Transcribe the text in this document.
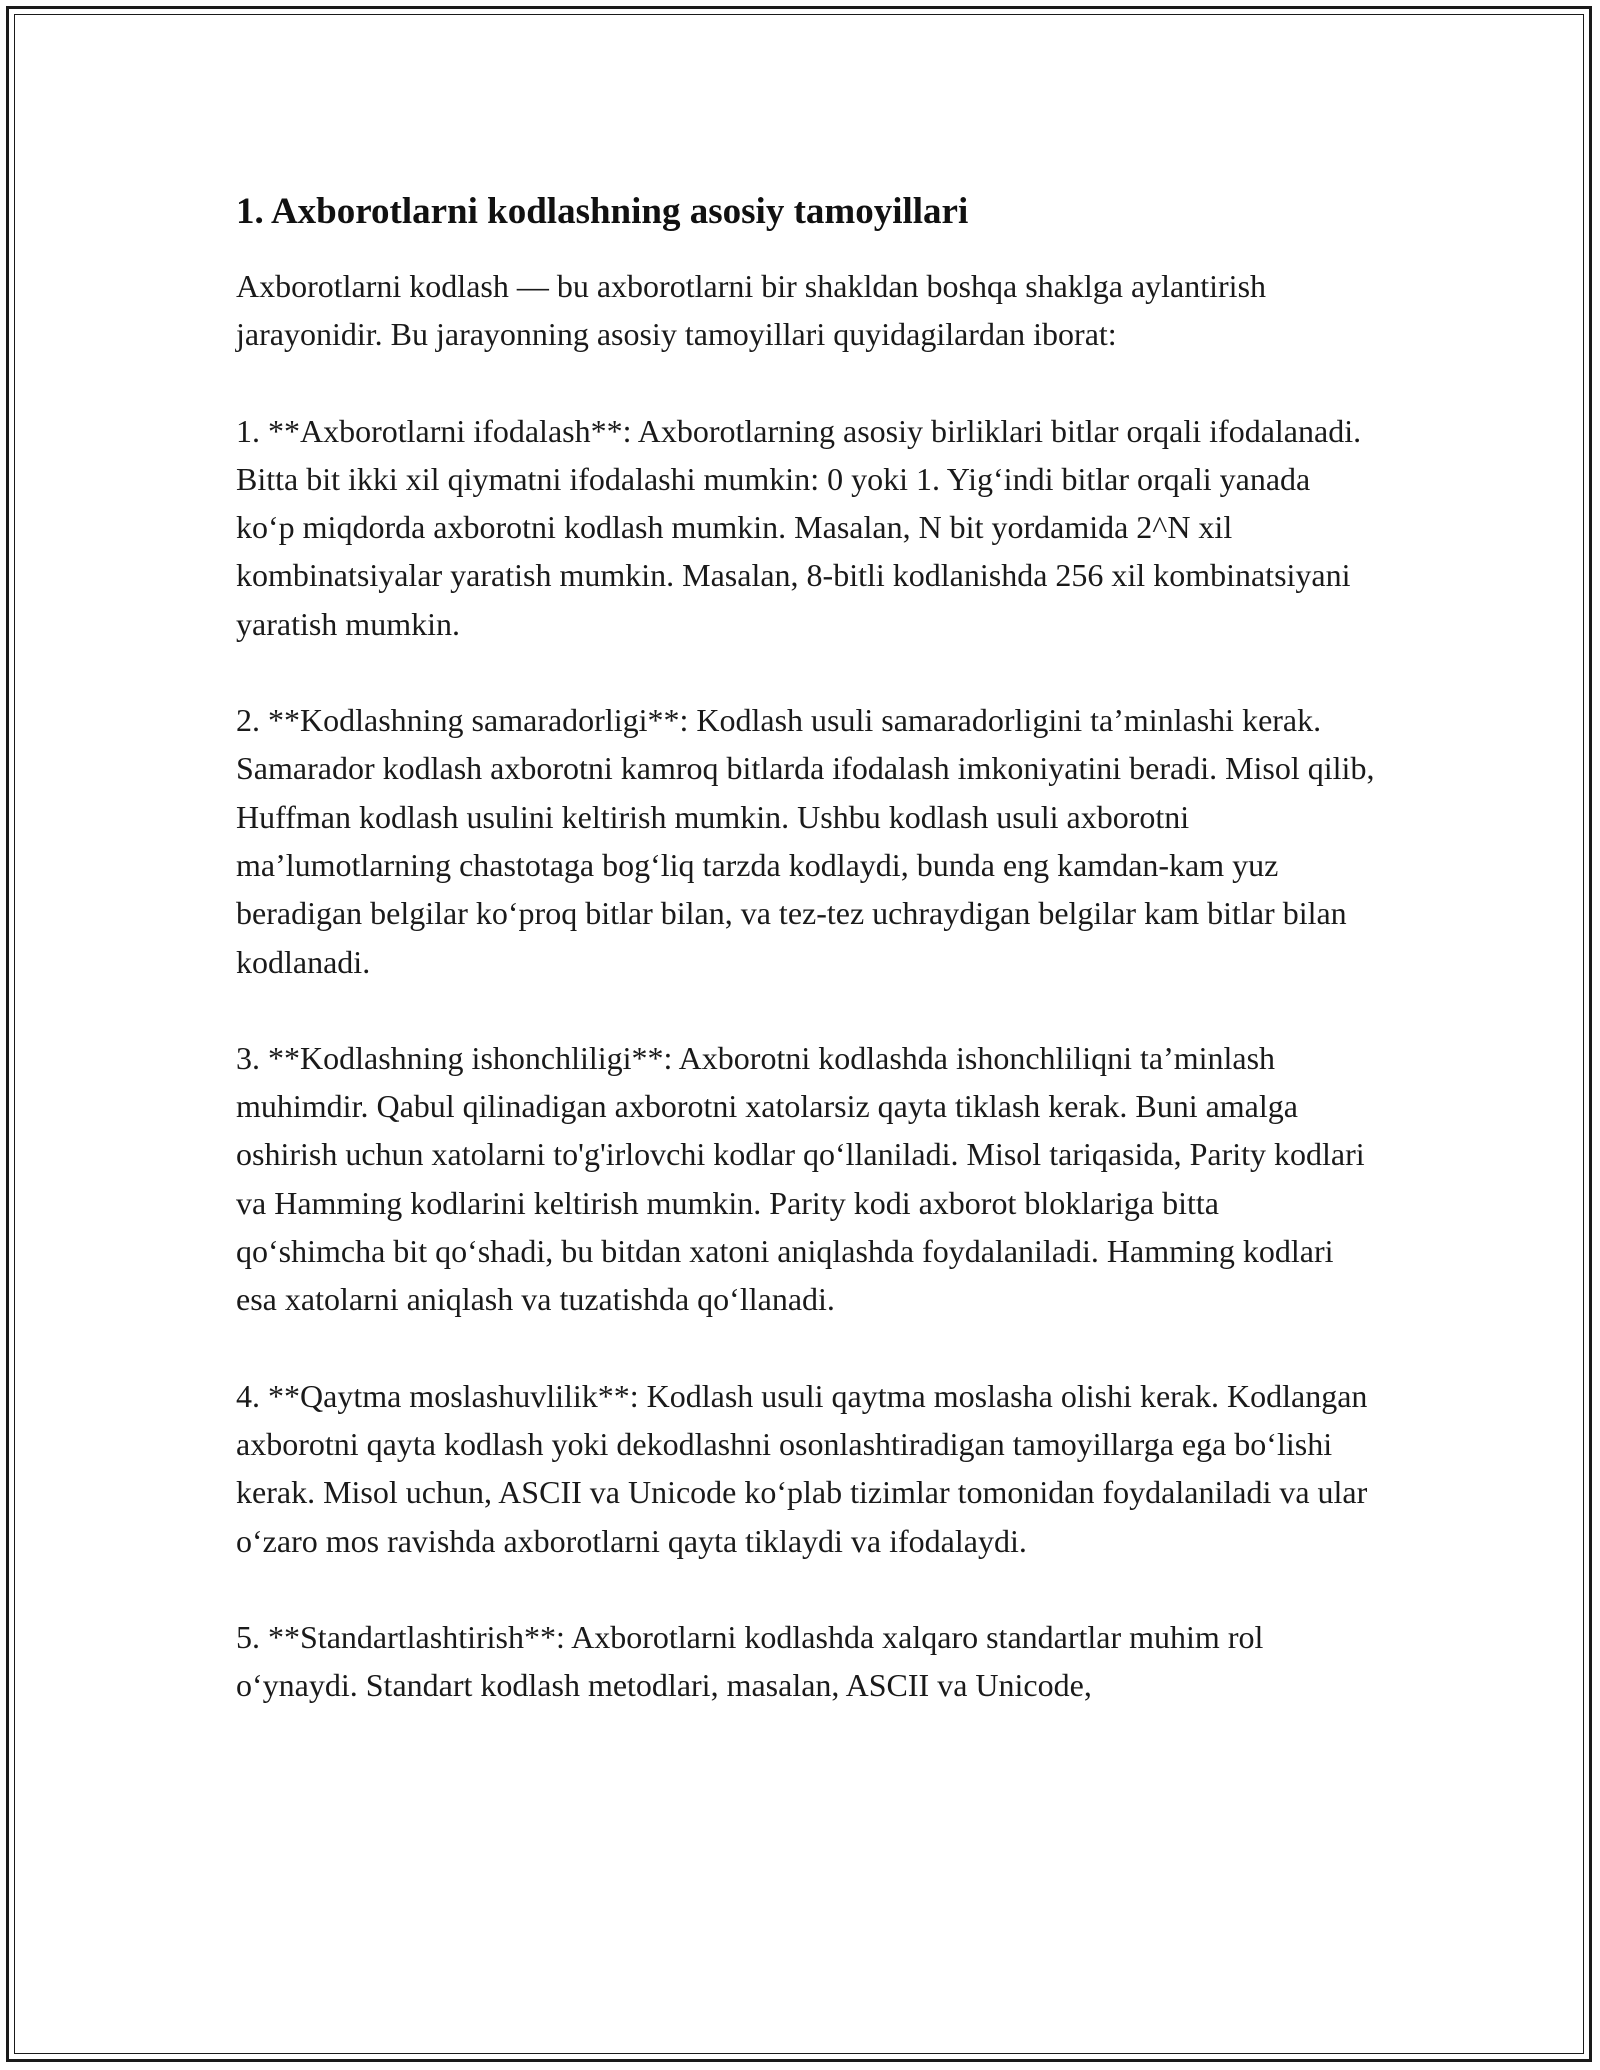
1. Axborotlarni kodlashning asosiy tamoyillari

Axborotlarni kodlash — bu axborotlarni bir shakldan boshqa shaklga aylantirish jarayonidir. Bu jarayonning asosiy tamoyillari quyidagilardan iborat:

1. **Axborotlarni ifodalash**: Axborotlarning asosiy birliklari bitlar orqali ifodalanadi. Bitta bit ikki xil qiymatni ifodalashi mumkin: 0 yoki 1. Yig‘indi bitlar orqali yanada ko‘p miqdorda axborotni kodlash mumkin. Masalan, N bit yordamida 2^N xil kombinatsiyalar yaratish mumkin. Masalan, 8-bitli kodlanishda 256 xil kombinatsiyani yaratish mumkin.

2. **Kodlashning samaradorligi**: Kodlash usuli samaradorligini ta’minlashi kerak. Samarador kodlash axborotni kamroq bitlarda ifodalash imkoniyatini beradi. Misol qilib, Huffman kodlash usulini keltirish mumkin. Ushbu kodlash usuli axborotni ma’lumotlarning chastotaga bog‘liq tarzda kodlaydi, bunda eng kamdan-kam yuz beradigan belgilar ko‘proq bitlar bilan, va tez-tez uchraydigan belgilar kam bitlar bilan kodlanadi.

3. **Kodlashning ishonchliligi**: Axborotni kodlashda ishonchliliqni ta’minlash muhimdir. Qabul qilinadigan axborotni xatolarsiz qayta tiklash kerak. Buni amalga oshirish uchun xatolarni to'g'irlovchi kodlar qo‘llaniladi. Misol tariqasida, Parity kodlari va Hamming kodlarini keltirish mumkin. Parity kodi axborot bloklariga bitta qo‘shimcha bit qo‘shadi, bu bitdan xatoni aniqlashda foydalaniladi. Hamming kodlari esa xatolarni aniqlash va tuzatishda qo‘llanadi.

4. **Qaytma moslashuvlilik**: Kodlash usuli qaytma moslasha olishi kerak. Kodlangan axborotni qayta kodlash yoki dekodlashni osonlashtiradigan tamoyillarga ega bo‘lishi kerak. Misol uchun, ASCII va Unicode ko‘plab tizimlar tomonidan foydalaniladi va ular o‘zaro mos ravishda axborotlarni qayta tiklaydi va ifodalaydi.

5. **Standartlashtirish**: Axborotlarni kodlashda xalqaro standartlar muhim rol o‘ynaydi. Standart kodlash metodlari, masalan, ASCII va Unicode,
